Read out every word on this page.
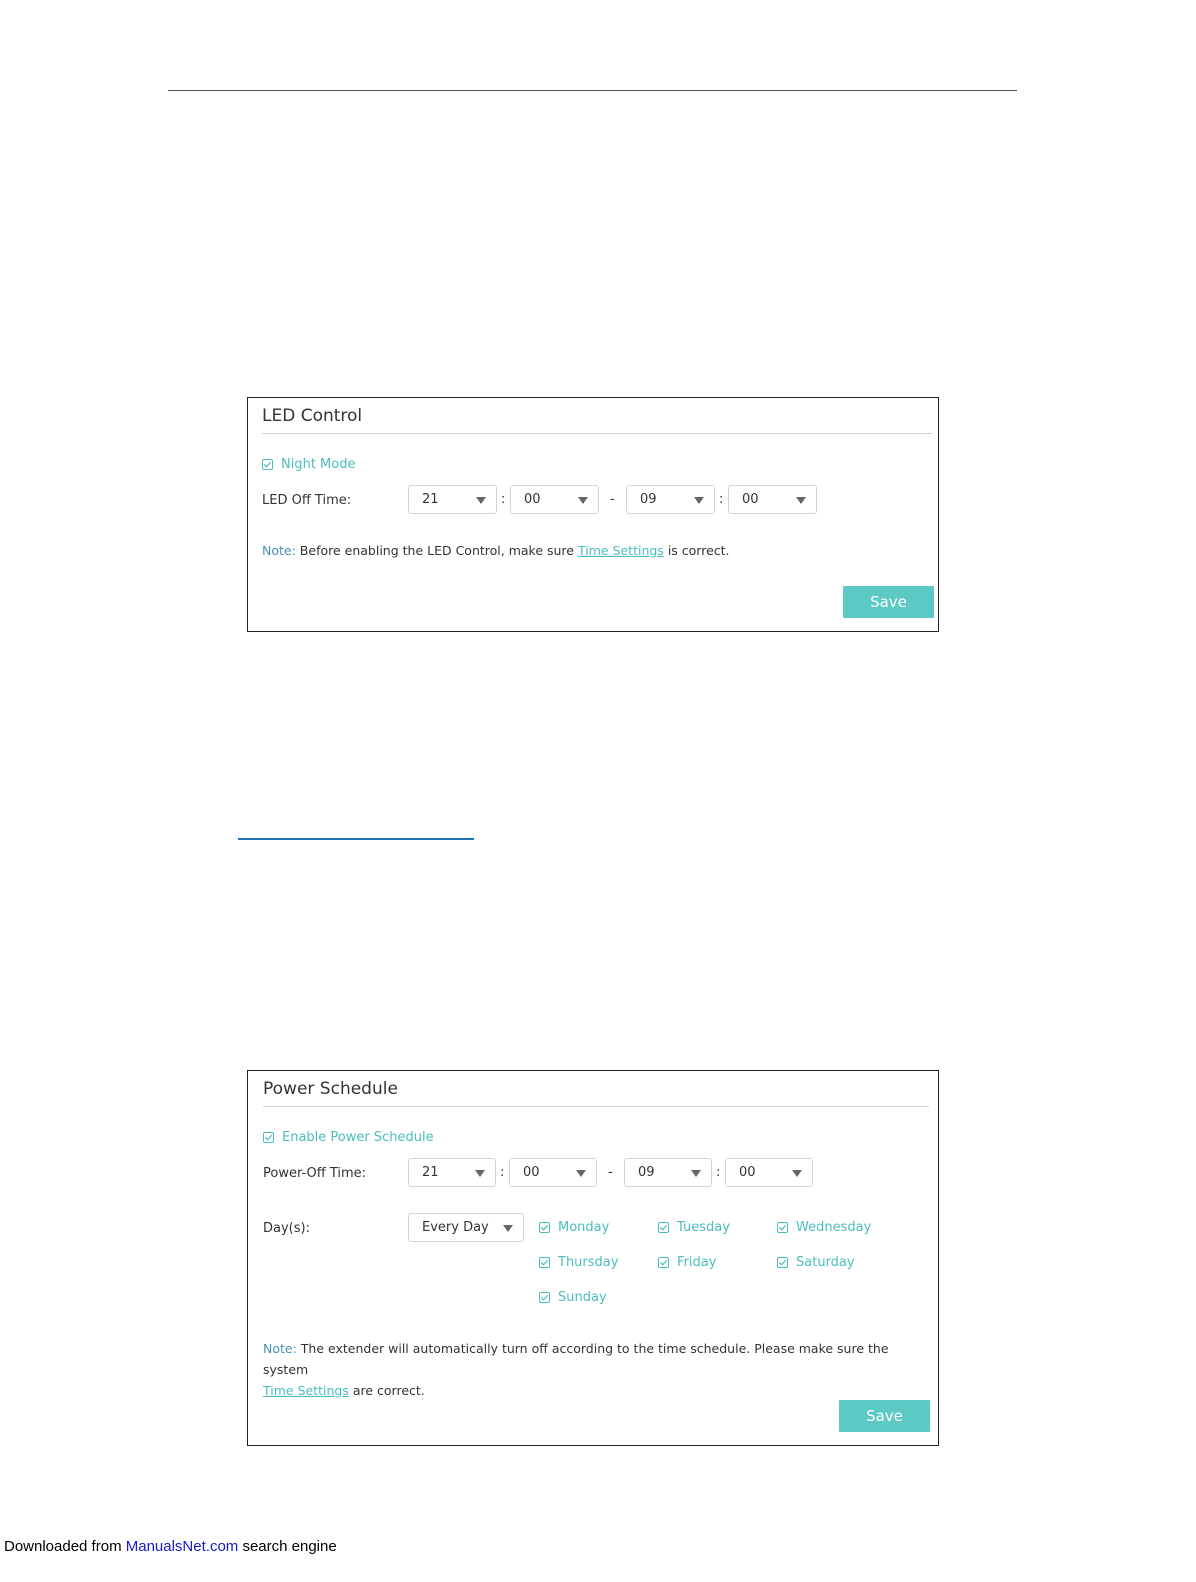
LED Control
Night Mode
LED Off Time:	21	: 00	- 09	: 00
Note: Before enabling the LED Control, make sure Time Settings is correct.
Save
Power Schedule
Enable Power Schedule
Power-Off Time:	21	: 00	- 09	: 00
Day(s):	Every Day	Monday	Tuesday	Wednesday
Thursday	Friday	Saturday
Sunday
Note: The extender will automatically turn off according to the time schedule. Please make sure the system
Time Settings are correct.
Save
Downloaded from ManualsNet.com search engine
